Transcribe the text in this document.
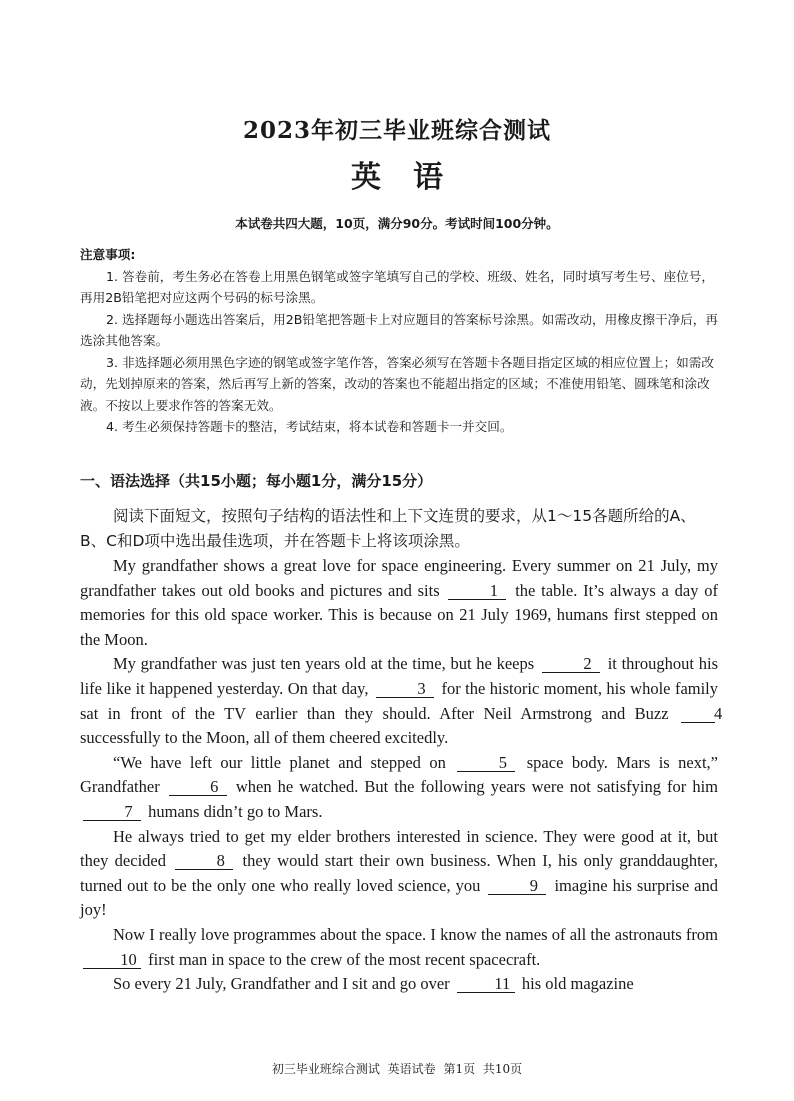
2023年初三毕业班综合测试
英语
本试卷共四大题，10页，满分90分。考试时间100分钟。
注意事项:

1. 答卷前，考生务必在答卷上用黑色钢笔或签字笔填写自己的学校、班级、姓名，同时填写考生号、座位号，再用2B铅笔把对应这两个号码的标号涂黑。

2. 选择题每小题选出答案后，用2B铅笔把答题卡上对应题目的答案标号涂黑。如需改动，用橡皮擦干净后，再选涂其他答案。

3. 非选择题必须用黑色字迹的钢笔或签字笔作答，答案必须写在答题卡各题目指定区域的相应位置上；如需改动，先划掉原来的答案，然后再写上新的答案，改动的答案也不能超出指定的区域；不准使用铅笔、圆珠笔和涂改液。不按以上要求作答的答案无效。

4. 考生必须保持答题卡的整洁，考试结束，将本试卷和答题卡一并交回。

一、语法选择（共15小题；每小题1分，满分15分）

阅读下面短文，按照句子结构的语法性和上下文连贯的要求，从1～15各题所给的A、B、C和D项中选出最佳选项，并在答题卡上将该项涂黑。

My grandfather shows a great love for space engineering. Every summer on 21 July, my grandfather takes out old books and pictures and sits	1 the table. It’s always a day of memories for this old space worker. This is because on 21 July 1969, humans first stepped on the Moon.

My grandfather was just ten years old at the time, but he keeps	2 it throughout his life like it happened yesterday. On that day,	3 for the historic moment, his whole family sat in front of the TV earlier than they should. After Neil Armstrong and Buzz	4 successfully to the Moon, all of them cheered excitedly.

“We have left our little planet and stepped on	5 space body. Mars is next,” Grandfather	6 when he watched. But the following years were not satisfying for him 7 humans didn’t go to Mars.

He always tried to get my elder brothers interested in science. They were good at it, but they decided	8 they would start their own business. When I, his only granddaughter, turned out to be the only one who really loved science, you	9 imagine his surprise and joy!

Now I really love programmes about the space. I know the names of all the astronauts from 10 first man in space to the crew of the most recent spacecraft.

So every 21 July, Grandfather and I sit and go over	11 his old magazine

初三毕业班综合测试 英语试卷 第1页 共10页
